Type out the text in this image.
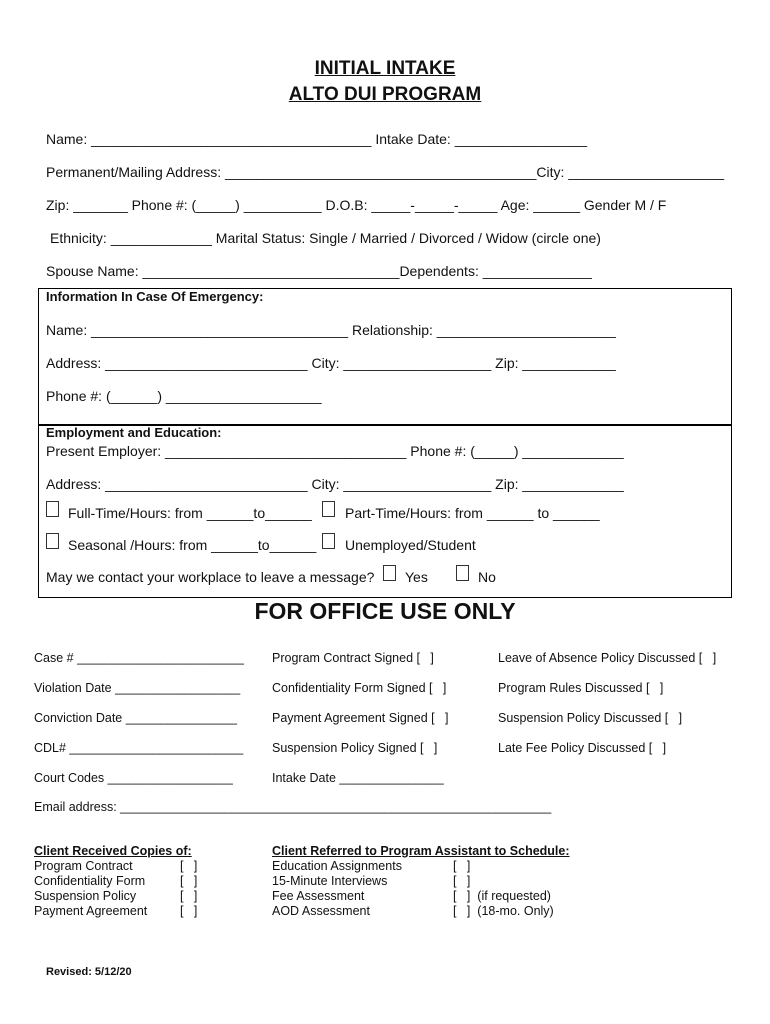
INITIAL INTAKE
ALTO DUI PROGRAM
Name: ____________________________________ Intake Date: _________________
Permanent/Mailing Address: ________________________________________City: ____________________
Zip: _______ Phone #: (_____) __________ D.O.B: _____-_____-_____ Age: ______ Gender M / F
Ethnicity: _____________ Marital Status: Single / Married / Divorced / Widow (circle one)
Spouse Name: _________________________________Dependents: ______________
Information In Case Of Emergency:
Name: _________________________________ Relationship: _______________________
Address: __________________________ City: ___________________ Zip: ____________
Phone #: (______) ____________________
Employment and Education:
Present Employer: _______________________________ Phone #: (_____) _____________
Address: __________________________ City: ___________________ Zip: _____________
Full-Time/Hours: from ______to______ Part-Time/Hours: from ______ to ______
Seasonal /Hours: from ______to______ Unemployed/Student
May we contact your workplace to leave a message? Yes	No
FOR OFFICE USE ONLY
Case # ________________________
Violation Date __________________
Conviction Date ________________
CDL# _________________________
Court Codes __________________
Program Contract Signed [   ]
Confidentiality Form Signed [   ]
Payment Agreement Signed [   ]
Suspension Policy Signed [   ]
Intake Date _______________
Leave of Absence Policy Discussed [   ]
Program Rules Discussed [   ]
Suspension Policy Discussed [   ]
Late Fee Policy Discussed [   ]
Email address: ______________________________________________________________
Client Received Copies of:
Program Contract
Confidentiality Form
Suspension Policy
Payment Agreement
[   ]
[   ]
[   ]
[   ]
Client Referred to Program Assistant to Schedule:
Education Assignments
15-Minute Interviews
Fee Assessment
AOD Assessment
[   ]
[   ]
[   ]  (if requested)
[   ]  (18-mo. Only)
Revised: 5/12/20
